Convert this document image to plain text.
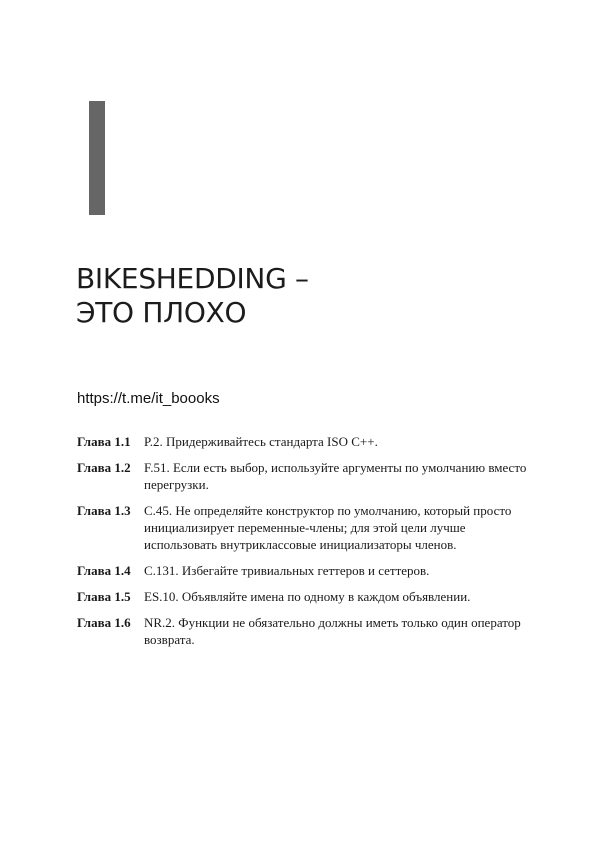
BIKESHEDDING –
ЭТО ПЛОХО
https://t.me/it_boooks
Глава 1.1	P.2. Придерживайтесь стандарта ISO C++.
Глава 1.2	F.51. Если есть выбор, используйте аргументы по умолчанию вместо перегрузки.
Глава 1.3	C.45. Не определяйте конструктор по умолчанию, который просто инициализирует переменные-члены; для этой цели лучше использовать внутриклассовые инициализаторы членов.
Глава 1.4	C.131. Избегайте тривиальных геттеров и сеттеров.
Глава 1.5	ES.10. Объявляйте имена по одному в каждом объявлении.
Глава 1.6	NR.2. Функции не обязательно должны иметь только один оператор возврата.
